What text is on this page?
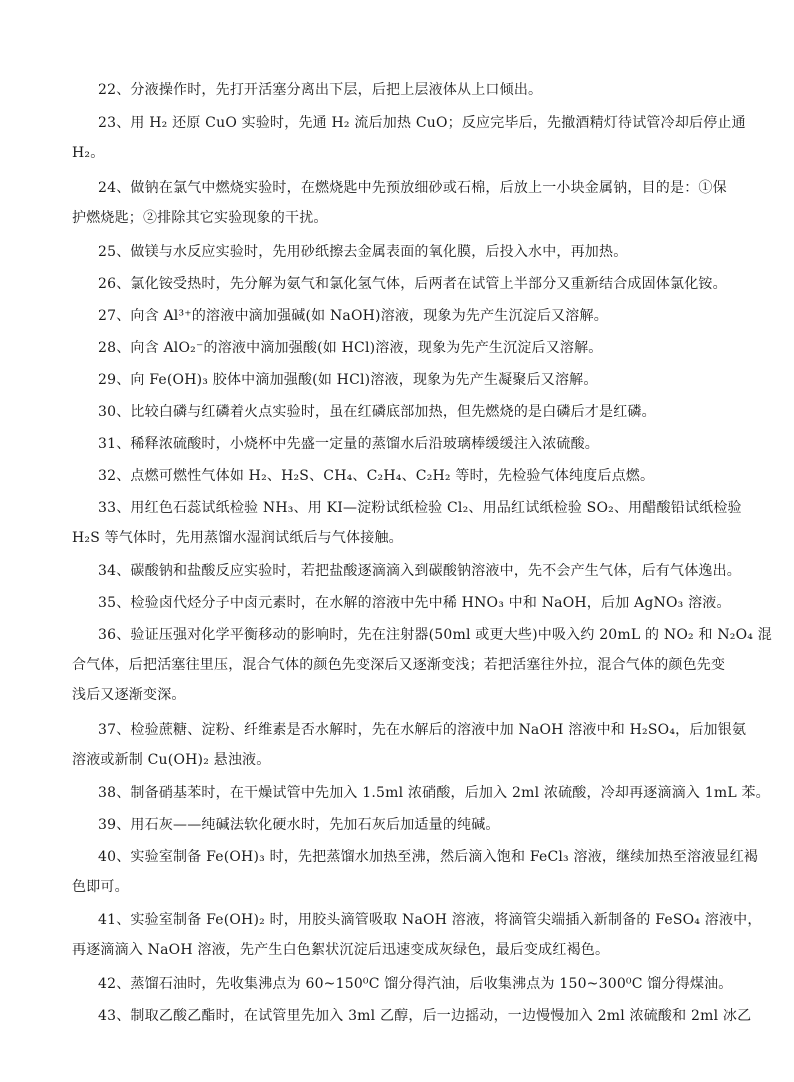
22、分液操作时，先打开活塞分离出下层，后把上层液体从上口倾出。
23、用 H₂ 还原 CuO 实验时，先通 H₂ 流后加热 CuO；反应完毕后，先撤酒精灯待试管冷却后停止通
H₂。
24、做钠在氯气中燃烧实验时，在燃烧匙中先预放细砂或石棉，后放上一小块金属钠，目的是：①保
护燃烧匙；②排除其它实验现象的干扰。
25、做镁与水反应实验时，先用砂纸擦去金属表面的氧化膜，后投入水中，再加热。
26、氯化铵受热时，先分解为氨气和氯化氢气体，后两者在试管上半部分又重新结合成固体氯化铵。
27、向含 Al³⁺的溶液中滴加强碱(如 NaOH)溶液，现象为先产生沉淀后又溶解。
28、向含 AlO₂⁻的溶液中滴加强酸(如 HCl)溶液，现象为先产生沉淀后又溶解。
29、向 Fe(OH)₃ 胶体中滴加强酸(如 HCl)溶液，现象为先产生凝聚后又溶解。
30、比较白磷与红磷着火点实验时，虽在红磷底部加热，但先燃烧的是白磷后才是红磷。
31、稀释浓硫酸时，小烧杯中先盛一定量的蒸馏水后沿玻璃棒缓缓注入浓硫酸。
32、点燃可燃性气体如 H₂、H₂S、CH₄、C₂H₄、C₂H₂ 等时，先检验气体纯度后点燃。
33、用红色石蕊试纸检验 NH₃、用 KI—淀粉试纸检验 Cl₂、用品红试纸检验 SO₂、用醋酸铅试纸检验
H₂S 等气体时，先用蒸馏水湿润试纸后与气体接触。
34、碳酸钠和盐酸反应实验时，若把盐酸逐滴滴入到碳酸钠溶液中，先不会产生气体，后有气体逸出。
35、检验卤代烃分子中卤元素时，在水解的溶液中先中稀 HNO₃ 中和 NaOH，后加 AgNO₃ 溶液。
36、验证压强对化学平衡移动的影响时，先在注射器(50ml 或更大些)中吸入约 20mL 的 NO₂ 和 N₂O₄ 混
合气体，后把活塞往里压，混合气体的颜色先变深后又逐渐变浅；若把活塞往外拉，混合气体的颜色先变
浅后又逐渐变深。
37、检验蔗糖、淀粉、纤维素是否水解时，先在水解后的溶液中加 NaOH 溶液中和 H₂SO₄，后加银氨
溶液或新制 Cu(OH)₂ 悬浊液。
38、制备硝基苯时，在干燥试管中先加入 1.5ml 浓硝酸，后加入 2ml 浓硫酸，冷却再逐滴滴入 1mL 苯。
39、用石灰——纯碱法软化硬水时，先加石灰后加适量的纯碱。
40、实验室制备 Fe(OH)₃ 时，先把蒸馏水加热至沸，然后滴入饱和 FeCl₃ 溶液，继续加热至溶液显红褐
色即可。
41、实验室制备 Fe(OH)₂ 时，用胶头滴管吸取 NaOH 溶液，将滴管尖端插入新制备的 FeSO₄ 溶液中，
再逐滴滴入 NaOH 溶液，先产生白色絮状沉淀后迅速变成灰绿色，最后变成红褐色。
42、蒸馏石油时，先收集沸点为 60~150⁰C 馏分得汽油，后收集沸点为 150~300⁰C 馏分得煤油。
43、制取乙酸乙酯时，在试管里先加入 3ml 乙醇，后一边摇动，一边慢慢加入 2ml 浓硫酸和 2ml 冰乙
